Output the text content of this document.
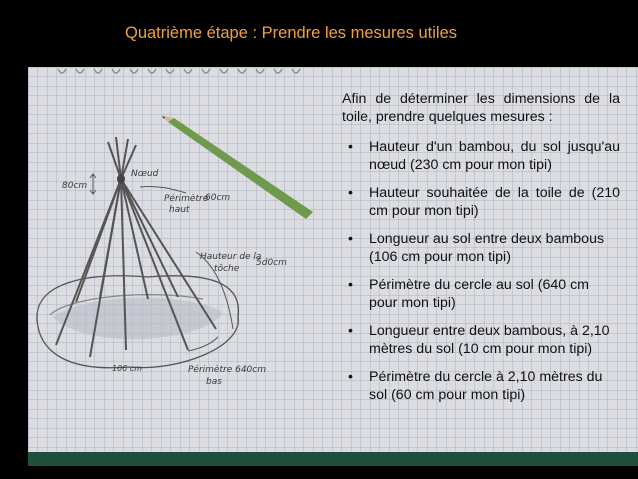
Quatrième étape : Prendre les mesures utiles
Nœud
80cm
Périmètre
haut
60cm
Hauteur de la
tôche
5d0cm
106 cm	Périmètre 640cm
bas

Afin de déterminer les dimensions de la toile, prendre quelques mesures :

• Hauteur d'un bambou, du sol jusqu'au nœud (230 cm pour mon tipi)
• Hauteur souhaitée de la toile de (210 cm pour mon tipi)
• Longueur au sol entre deux bambous (106 cm pour mon tipi)
• Périmètre du cercle au sol (640 cm pour mon tipi)
• Longueur entre deux bambous, à 2,10 mètres du sol (10 cm pour mon tipi)
• Périmètre du cercle à 2,10 mètres du sol (60 cm pour mon tipi)
